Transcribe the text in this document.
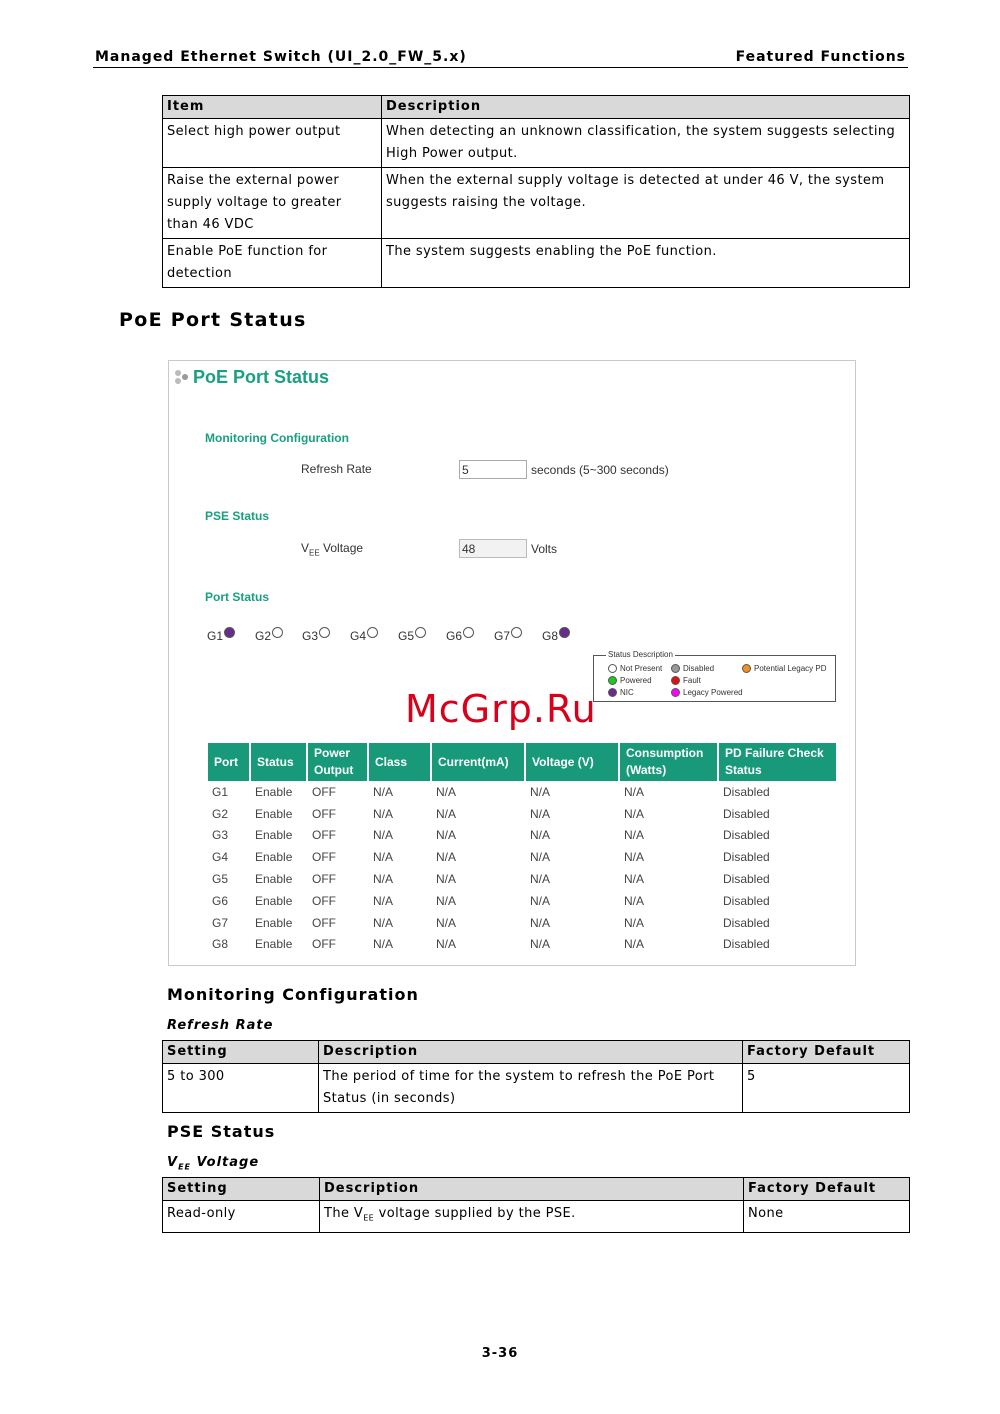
Managed Ethernet Switch (UI_2.0_FW_5.x)	Featured Functions
Item	Description
Select high power output	When detecting an unknown classification, the system suggests selecting High Power output.
Raise the external power supply voltage to greater than 46 VDC	When the external supply voltage is detected at under 46 V, the system suggests raising the voltage.
Enable PoE function for detection	The system suggests enabling the PoE function.
PoE Port Status
PoE Port Status
Monitoring Configuration
Refresh Rate
5	seconds (5~300 seconds)
PSE Status
$V_{EE}$ Voltage
48	Volts
Port Status
G1	G2	G3	G4	G5	G6	G7	G8
Status Description
Not Present	Disabled	Potential Legacy PD
Powered	Fault
NIC	Legacy Powered
Port	Status	Power Output	Class	Current(mA)	Voltage (V)	Consumption (Watts)	PD Failure Check Status
G1	Enable	OFF	N/A	N/A	N/A	N/A	Disabled
G2	Enable	OFF	N/A	N/A	N/A	N/A	Disabled
G3	Enable	OFF	N/A	N/A	N/A	N/A	Disabled
G4	Enable	OFF	N/A	N/A	N/A	N/A	Disabled
G5	Enable	OFF	N/A	N/A	N/A	N/A	Disabled
G6	Enable	OFF	N/A	N/A	N/A	N/A	Disabled
G7	Enable	OFF	N/A	N/A	N/A	N/A	Disabled
G8	Enable	OFF	N/A	N/A	N/A	N/A	Disabled
McGrp.Ru
Monitoring Configuration
Refresh Rate
Setting	Description	Factory Default
5 to 300	The period of time for the system to refresh the PoE Port Status (in seconds)	5
PSE Status
$V_{EE}$ Voltage
Setting	Description	Factory Default
Read-only	The $V_{EE}$ voltage supplied by the PSE.	None
3-36
